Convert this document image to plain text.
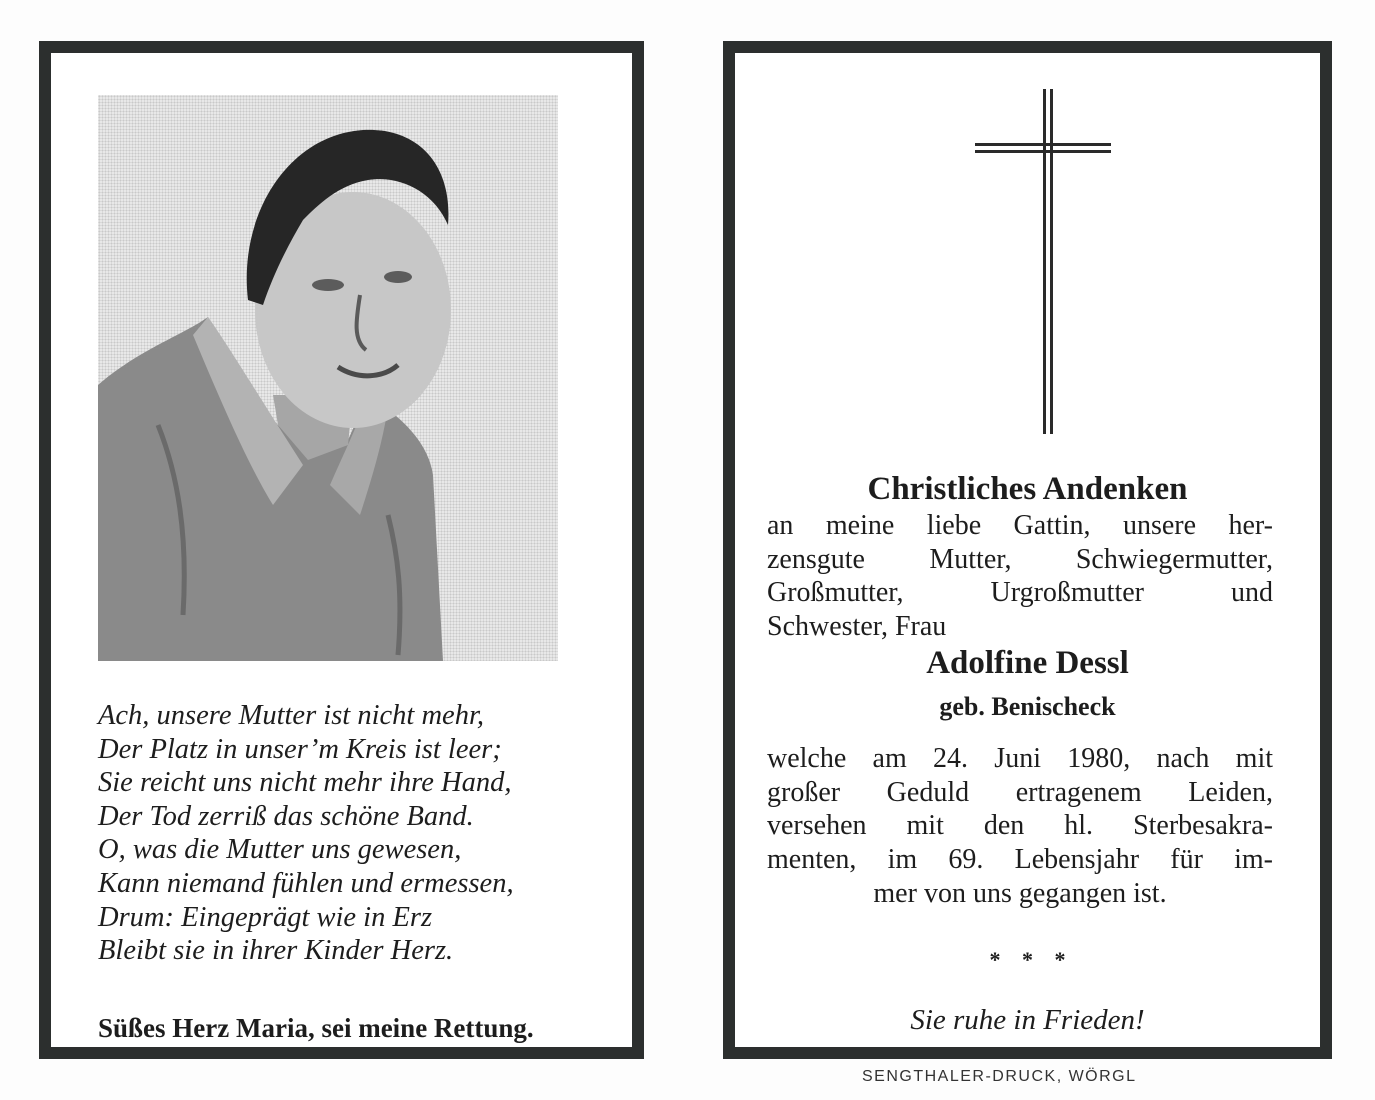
Ach, unsere Mutter ist nicht mehr,
Der Platz in unser’m Kreis ist leer;
Sie reicht uns nicht mehr ihre Hand,
Der Tod zerriß das schöne Band.
O, was die Mutter uns gewesen,
Kann niemand fühlen und ermessen,
Drum: Eingeprägt wie in Erz
Bleibt sie in ihrer Kinder Herz.
Süßes Herz Maria, sei meine Rettung.
Christliches Andenken
an meine liebe Gattin, unsere her-
zensgute Mutter, Schwiegermutter,
Großmutter, Urgroßmutter und
Schwester, Frau
Adolfine Dessl
geb. Benischeck
welche am 24. Juni 1980, nach mit
großer Geduld ertragenem Leiden,
versehen mit den hl. Sterbesakra-
menten, im 69. Lebensjahr für im-
mer von uns gegangen ist.
* * *
Sie ruhe in Frieden!
SENGTHALER-DRUCK, WÖRGL
